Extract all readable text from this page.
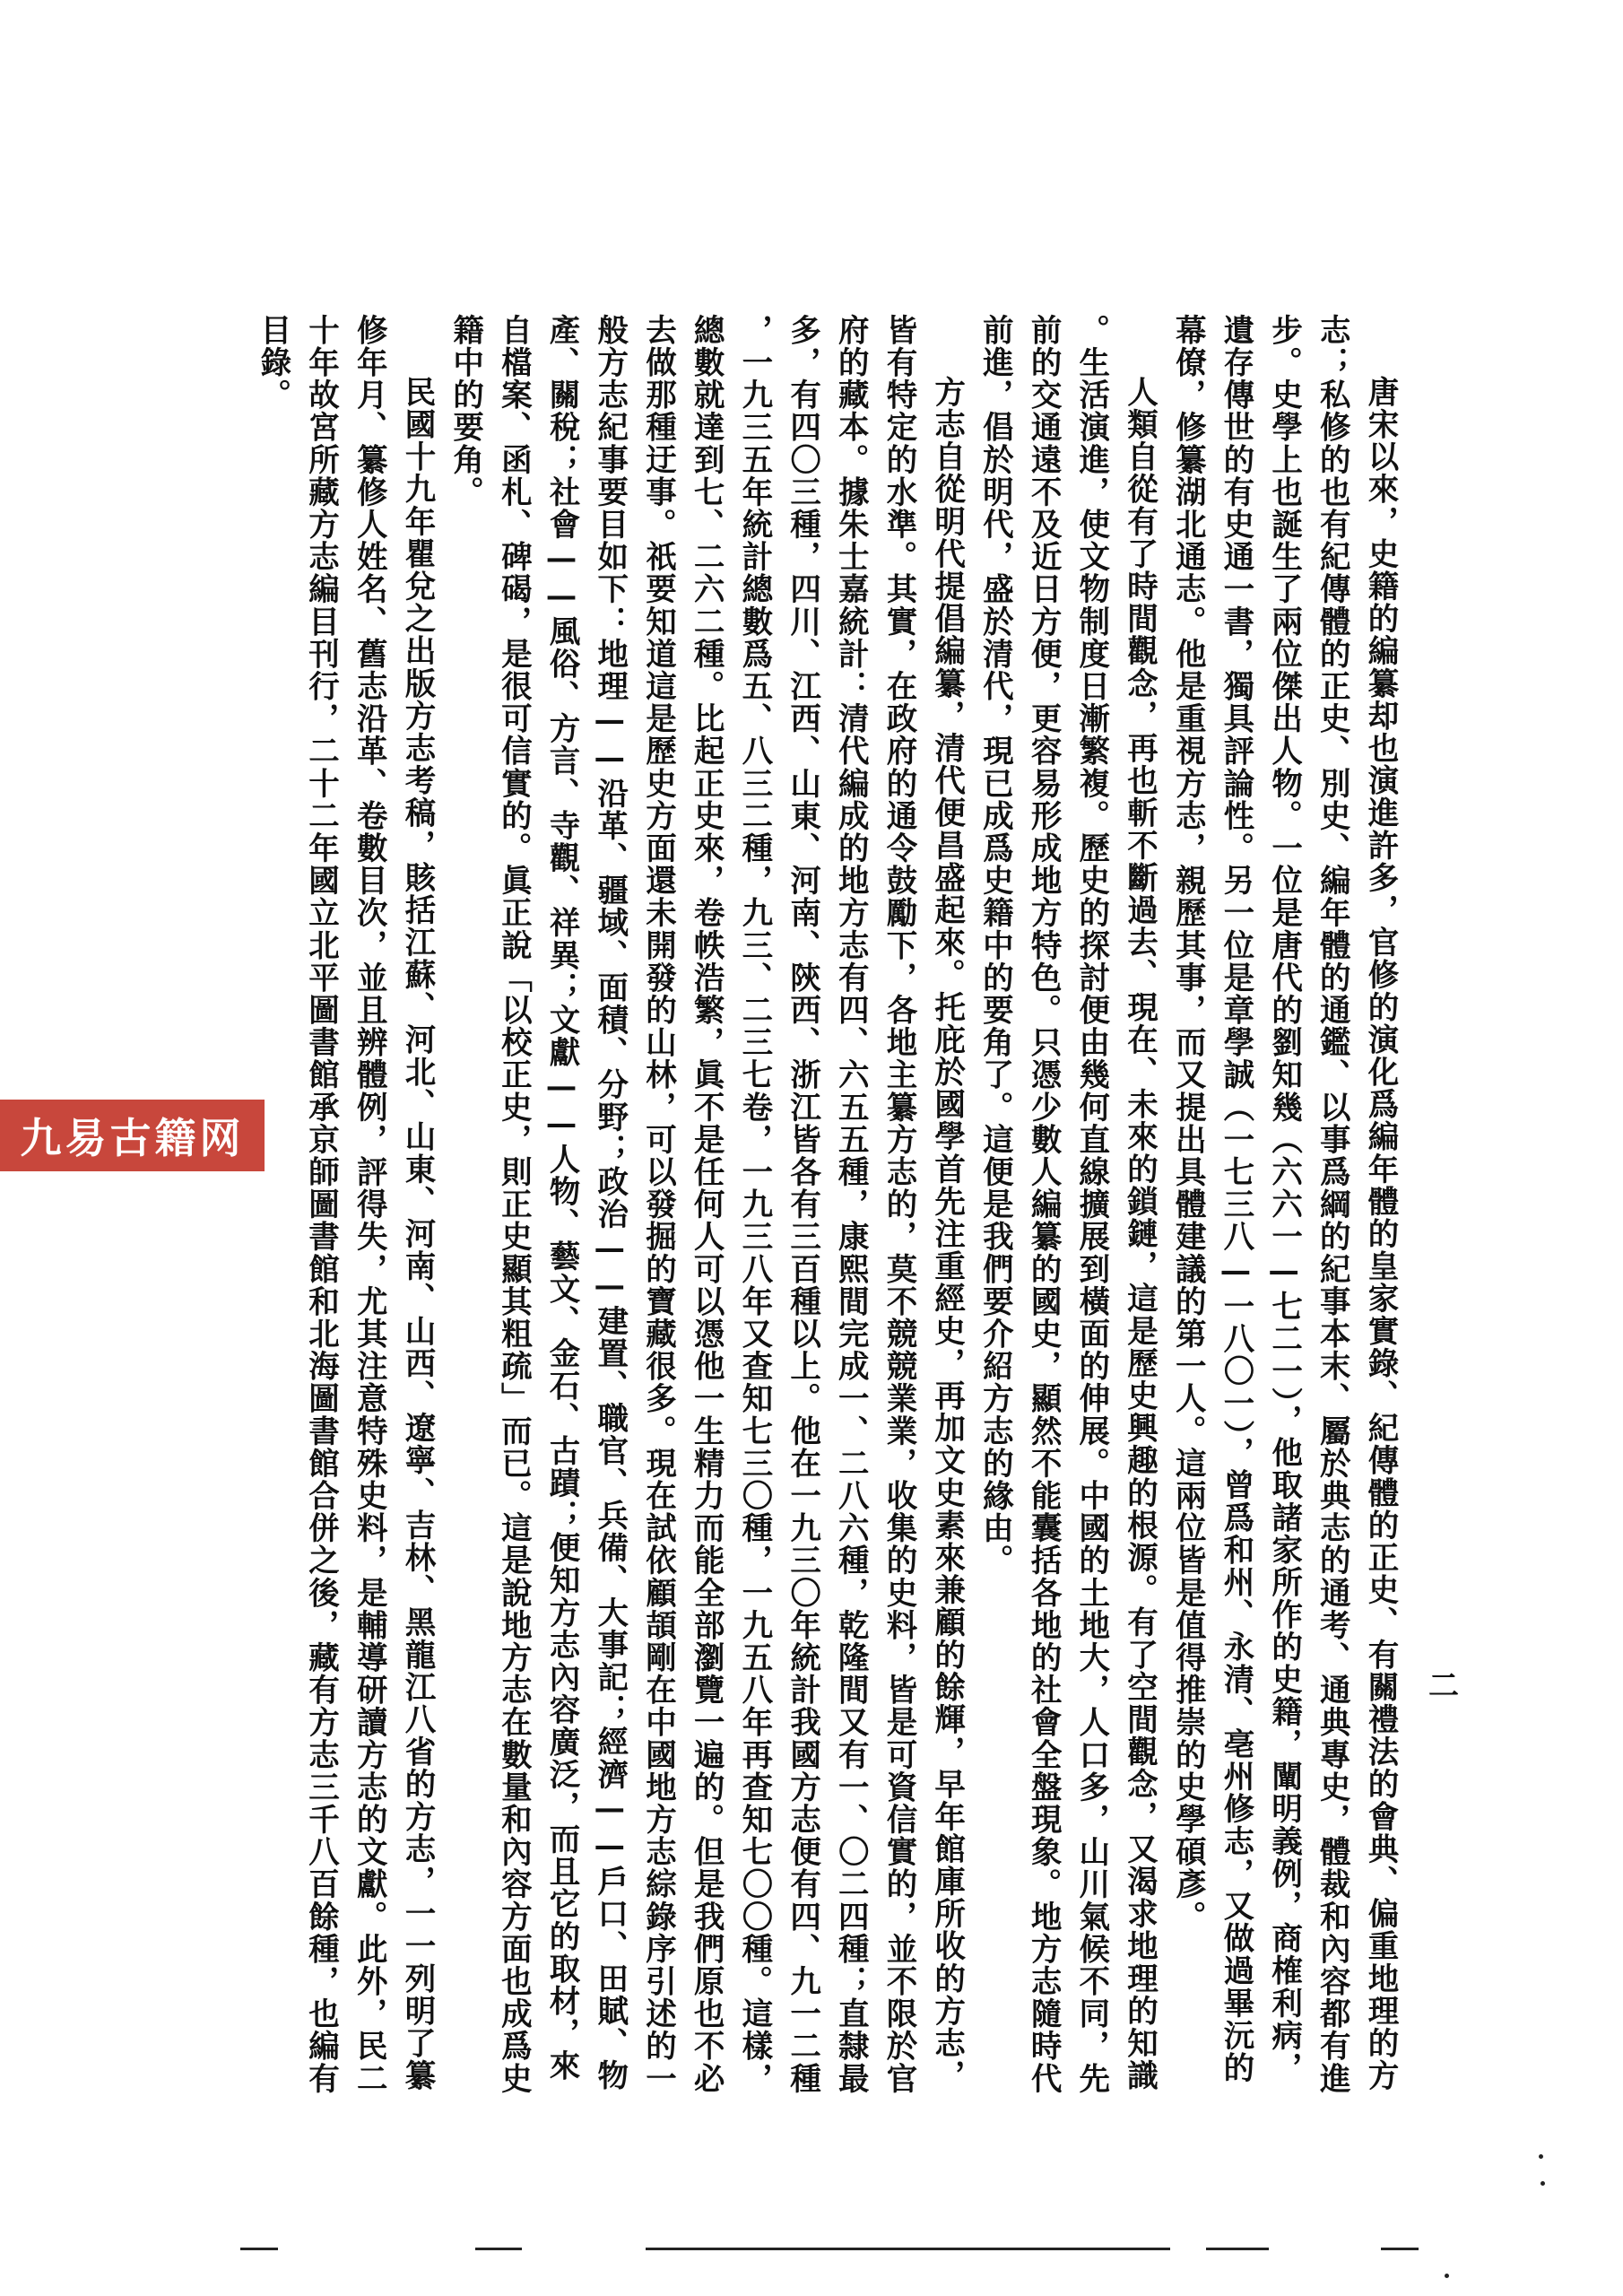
二

唐宋以來，史籍的編纂却也演進許多，官修的演化爲編年體的皇家實錄、紀傳體的正史、有關禮法的會典、偏重地理的方志；私修的也有紀傳體的正史、別史、編年體的通鑑、以事爲綱的紀事本末、屬於典志的通考、通典專史，體裁和內容都有進步。史學上也誕生了兩位傑出人物。一位是唐代的劉知幾（六六一—七二一），他取諸家所作的史籍，闡明義例，商榷利病，遺存傳世的有史通一書，獨具評論性。另一位是章學誠（一七三八—一八〇一），曾爲和州、永清、亳州修志，又做過畢沅的幕僚，修纂湖北通志。他是重視方志，親歷其事，而又提出具體建議的第一人。這兩位皆是值得推崇的史學碩彥。

人類自從有了時間觀念，再也斬不斷過去、現在、未來的鎖鏈，這是歷史興趣的根源。有了空間觀念，又渴求地理的知識。生活演進，使文物制度日漸繁複。歷史的探討便由幾何直線擴展到橫面的伸展。中國的土地大，人口多，山川氣候不同，先前的交通遠不及近日方便，更容易形成地方特色。只憑少數人編纂的國史，顯然不能囊括各地的社會全盤現象。地方志隨時代前進，倡於明代，盛於清代，現已成爲史籍中的要角了。這便是我們要介紹方志的緣由。

方志自從明代提倡編纂，清代便昌盛起來。托庇於國學首先注重經史，再加文史素來兼顧的餘輝，早年館庫所收的方志，皆有特定的水準。其實，在政府的通令鼓勵下，各地主纂方志的，莫不競競業業，收集的史料，皆是可資信實的，並不限於官府的藏本。據朱士嘉統計：清代編成的地方志有四、六五五種，康熙間完成一、二八六種，乾隆間又有一、〇二四種；直隸最多，有四〇三種，四川、江西、山東、河南、陝西、浙江皆各有三百種以上。他在一九三〇年統計我國方志便有四、九一二種，一九三五年統計總數爲五、八三二種，九三、二三七卷，一九三八年又查知七三〇種，一九五八年再查知七〇〇種。這樣，總數就達到七、二六二種。比起正史來，卷帙浩繁，眞不是任何人可以憑他一生精力而能全部瀏覽一遍的。但是我們原也不必去做那種迂事。祇要知道這是歷史方面還未開發的山林，可以發掘的寶藏很多。現在試依顧頡剛在中國地方志綜錄序引述的一般方志紀事要目如下：地理——沿革、疆域、面積、分野；政治——建置、職官、兵備、大事記；經濟——戶口、田賦、物產、關稅；社會——風俗、方言、寺觀、祥異；文獻——人物、藝文、金石、古蹟；便知方志內容廣泛，而且它的取材，來自檔案、函札、碑碣，是很可信實的。眞正說「以校正史，則正史顯其粗疏」而已。這是說地方志在數量和內容方面也成爲史籍中的要角。

民國十九年瞿兌之出版方志考稿，賅括江蘇、河北、山東、河南、山西、遼寧、吉林、黑龍江八省的方志，一一列明了纂修年月、纂修人姓名、舊志沿革、卷數目次，並且辨體例，評得失，尤其注意特殊史料，是輔導研讀方志的文獻。此外，民二十年故宮所藏方志編目刊行，二十二年國立北平圖書館承京師圖書館和北海圖書館合併之後，藏有方志三千八百餘種，也編有目錄。

九易古籍网
